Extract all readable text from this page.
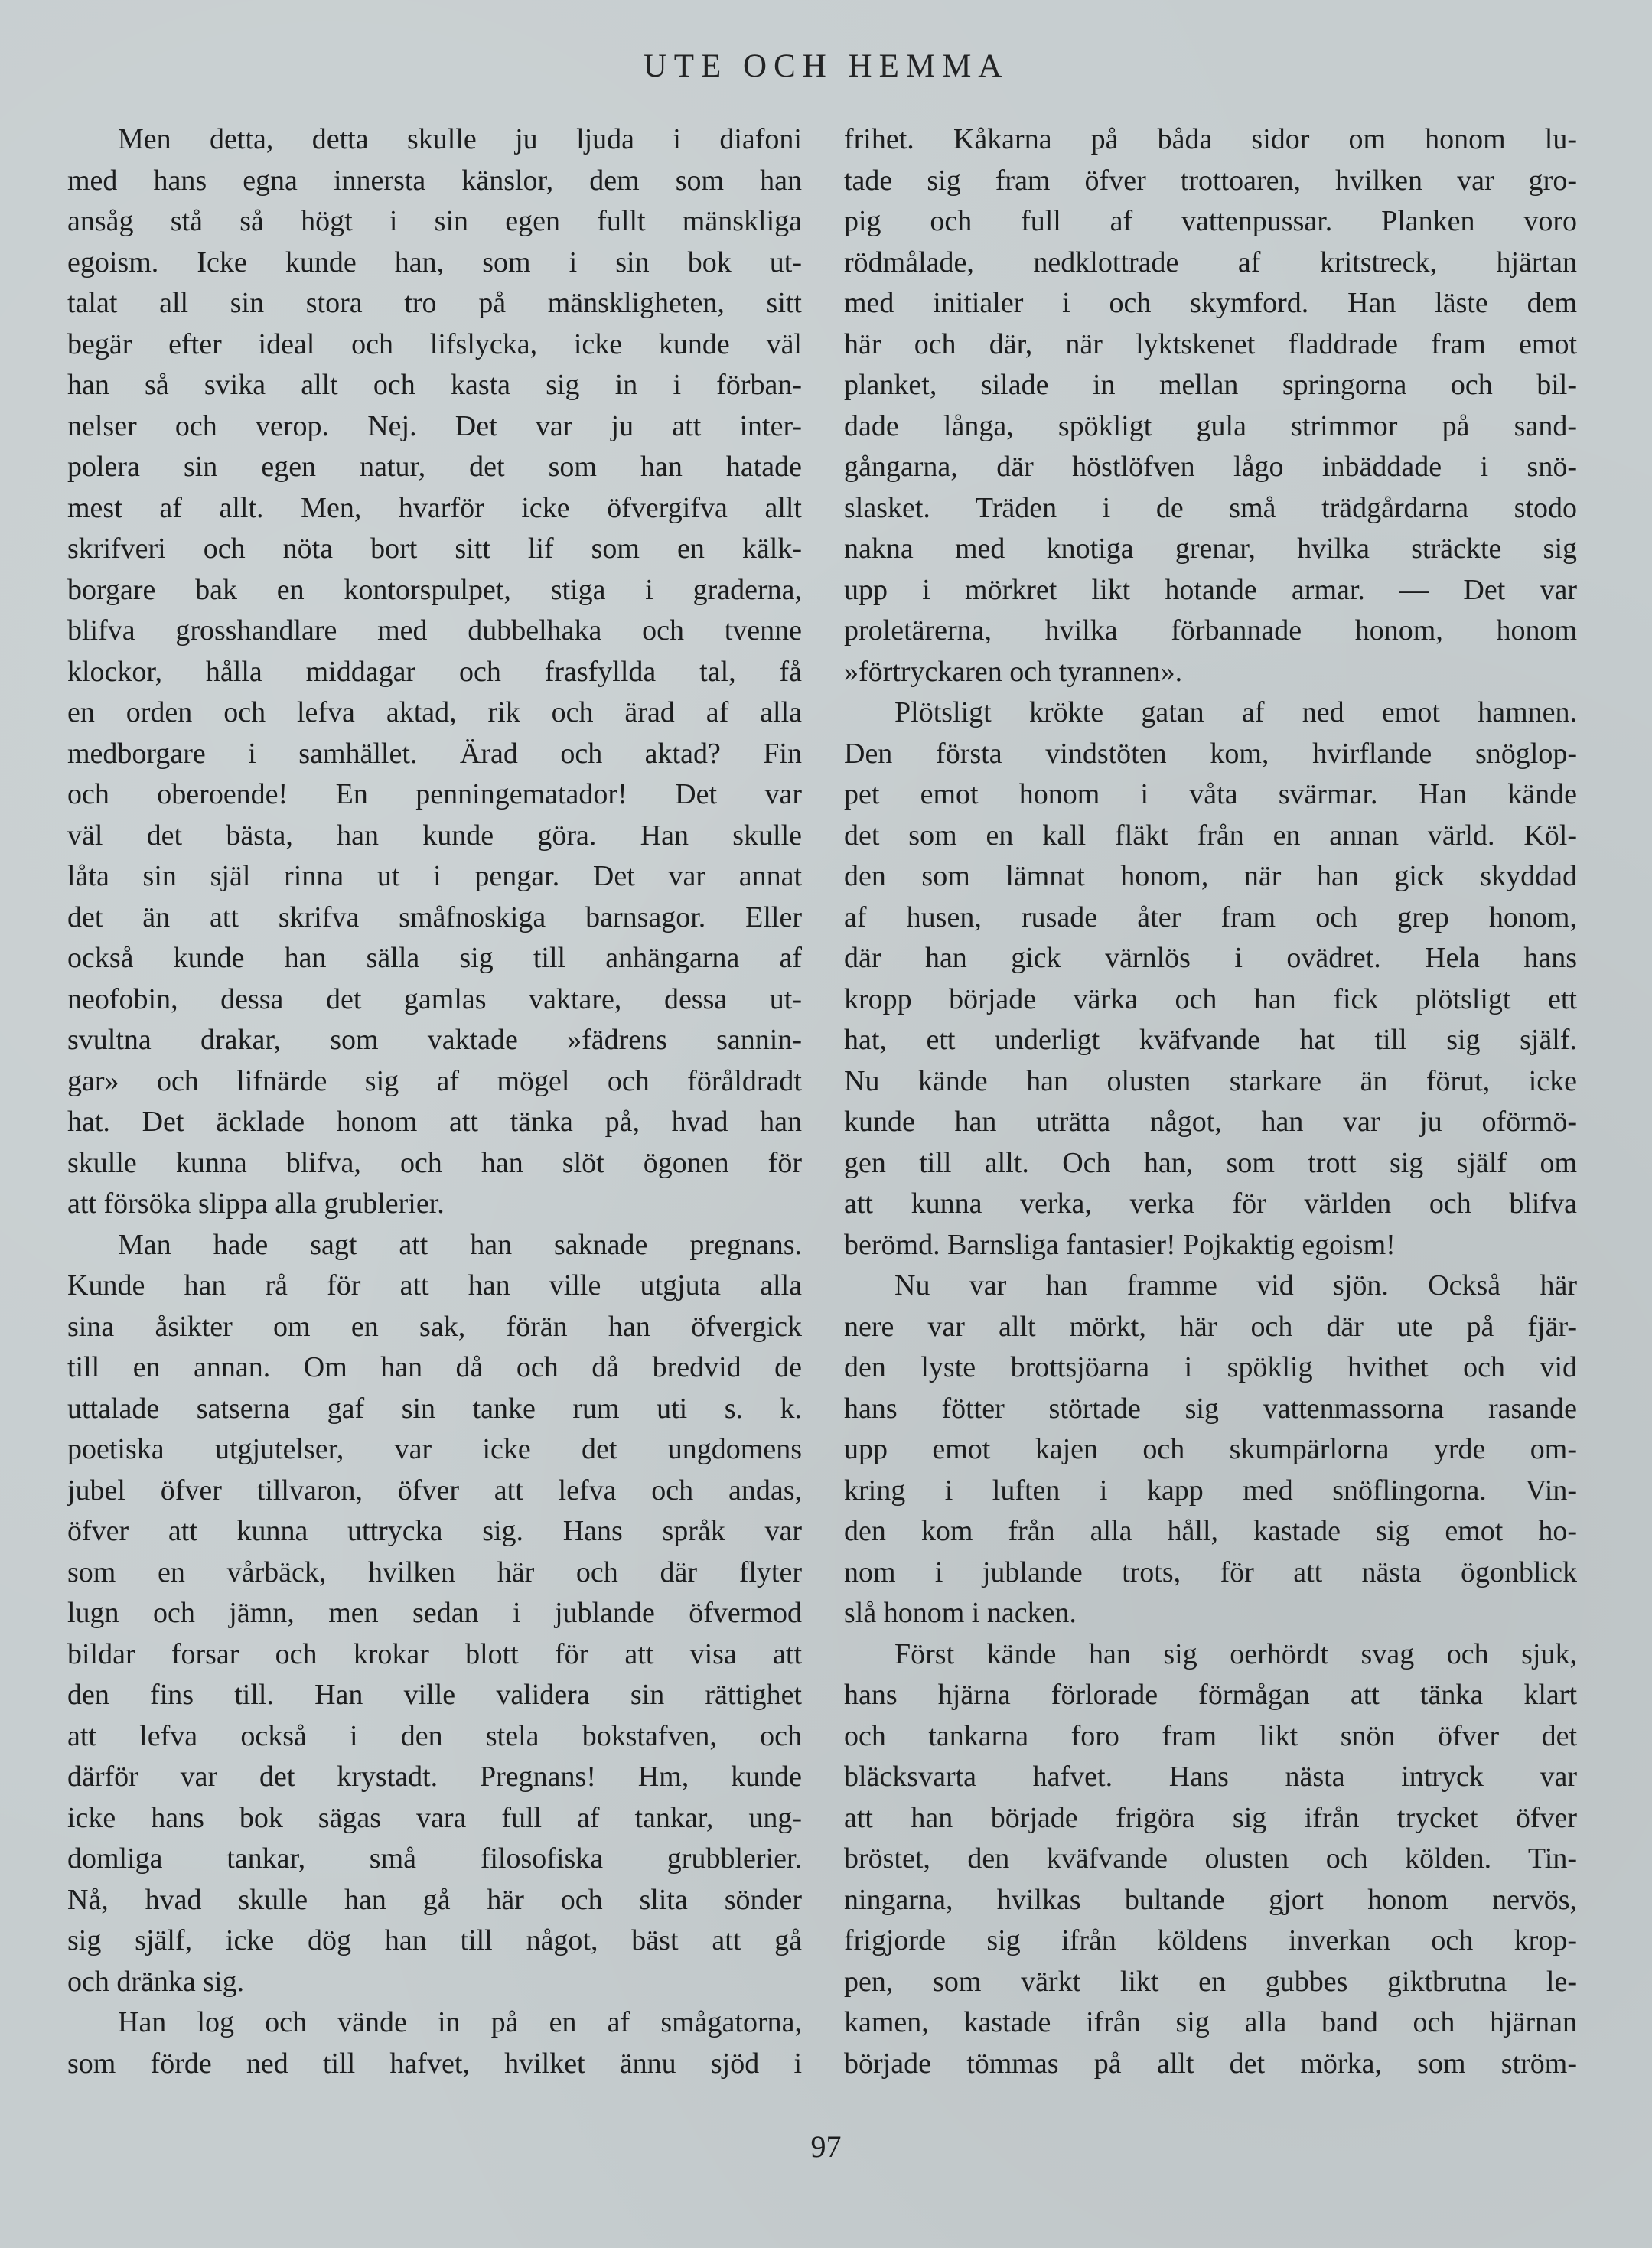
UTE OCH HEMMA
Men detta, detta skulle ju ljuda i diafoni
med hans egna innersta känslor, dem som han
ansåg stå så högt i sin egen fullt mänskliga
egoism. Icke kunde han, som i sin bok ut-
talat all sin stora tro på mänskligheten, sitt
begär efter ideal och lifslycka, icke kunde väl
han så svika allt och kasta sig in i förban-
nelser och verop. Nej. Det var ju att inter-
polera sin egen natur, det som han hatade
mest af allt. Men, hvarför icke öfvergifva allt
skrifveri och nöta bort sitt lif som en kälk-
borgare bak en kontorspulpet, stiga i graderna,
blifva grosshandlare med dubbelhaka och tvenne
klockor, hålla middagar och frasfyllda tal, få
en orden och lefva aktad, rik och ärad af alla
medborgare i samhället. Ärad och aktad? Fin
och oberoende! En penningematador! Det var
väl det bästa, han kunde göra. Han skulle
låta sin själ rinna ut i pengar. Det var annat
det än att skrifva småfnoskiga barnsagor. Eller
också kunde han sälla sig till anhängarna af
neofobin, dessa det gamlas vaktare, dessa ut-
svultna drakar, som vaktade »fädrens sannin-
gar» och lifnärde sig af mögel och föråldradt
hat. Det äcklade honom att tänka på, hvad han
skulle kunna blifva, och han slöt ögonen för
att försöka slippa alla grublerier.
Man hade sagt att han saknade pregnans.
Kunde han rå för att han ville utgjuta alla
sina åsikter om en sak, förän han öfvergick
till en annan. Om han då och då bredvid de
uttalade satserna gaf sin tanke rum uti s. k.
poetiska utgjutelser, var icke det ungdomens
jubel öfver tillvaron, öfver att lefva och andas,
öfver att kunna uttrycka sig. Hans språk var
som en vårbäck, hvilken här och där flyter
lugn och jämn, men sedan i jublande öfvermod
bildar forsar och krokar blott för att visa att
den fins till. Han ville validera sin rättighet
att lefva också i den stela bokstafven, och
därför var det krystadt. Pregnans! Hm, kunde
icke hans bok sägas vara full af tankar, ung-
domliga tankar, små filosofiska grubblerier.
Nå, hvad skulle han gå här och slita sönder
sig själf, icke dög han till något, bäst att gå
och dränka sig.
Han log och vände in på en af smågatorna,
som förde ned till hafvet, hvilket ännu sjöd i
frihet. Kåkarna på båda sidor om honom lu-
tade sig fram öfver trottoaren, hvilken var gro-
pig och full af vattenpussar. Planken voro
rödmålade, nedklottrade af kritstreck, hjärtan
med initialer i och skymford. Han läste dem
här och där, när lyktskenet fladdrade fram emot
planket, silade in mellan springorna och bil-
dade långa, spökligt gula strimmor på sand-
gångarna, där höstlöfven lågo inbäddade i snö-
slasket. Träden i de små trädgårdarna stodo
nakna med knotiga grenar, hvilka sträckte sig
upp i mörkret likt hotande armar. — Det var
proletärerna, hvilka förbannade honom, honom
»förtryckaren och tyrannen».
Plötsligt krökte gatan af ned emot hamnen.
Den första vindstöten kom, hvirflande snöglop-
pet emot honom i våta svärmar. Han kände
det som en kall fläkt från en annan värld. Köl-
den som lämnat honom, när han gick skyddad
af husen, rusade åter fram och grep honom,
där han gick värnlös i ovädret. Hela hans
kropp började värka och han fick plötsligt ett
hat, ett underligt kväfvande hat till sig själf.
Nu kände han olusten starkare än förut, icke
kunde han uträtta något, han var ju oförmö-
gen till allt. Och han, som trott sig själf om
att kunna verka, verka för världen och blifva
berömd. Barnsliga fantasier! Pojkaktig egoism!
Nu var han framme vid sjön. Också här
nere var allt mörkt, här och där ute på fjär-
den lyste brottsjöarna i spöklig hvithet och vid
hans fötter störtade sig vattenmassorna rasande
upp emot kajen och skumpärlorna yrde om-
kring i luften i kapp med snöflingorna. Vin-
den kom från alla håll, kastade sig emot ho-
nom i jublande trots, för att nästa ögonblick
slå honom i nacken.
Först kände han sig oerhördt svag och sjuk,
hans hjärna förlorade förmågan att tänka klart
och tankarna foro fram likt snön öfver det
bläcksvarta hafvet. Hans nästa intryck var
att han började frigöra sig ifrån trycket öfver
bröstet, den kväfvande olusten och kölden. Tin-
ningarna, hvilkas bultande gjort honom nervös,
frigjorde sig ifrån köldens inverkan och krop-
pen, som värkt likt en gubbes giktbrutna le-
kamen, kastade ifrån sig alla band och hjärnan
började tömmas på allt det mörka, som ström-
97
